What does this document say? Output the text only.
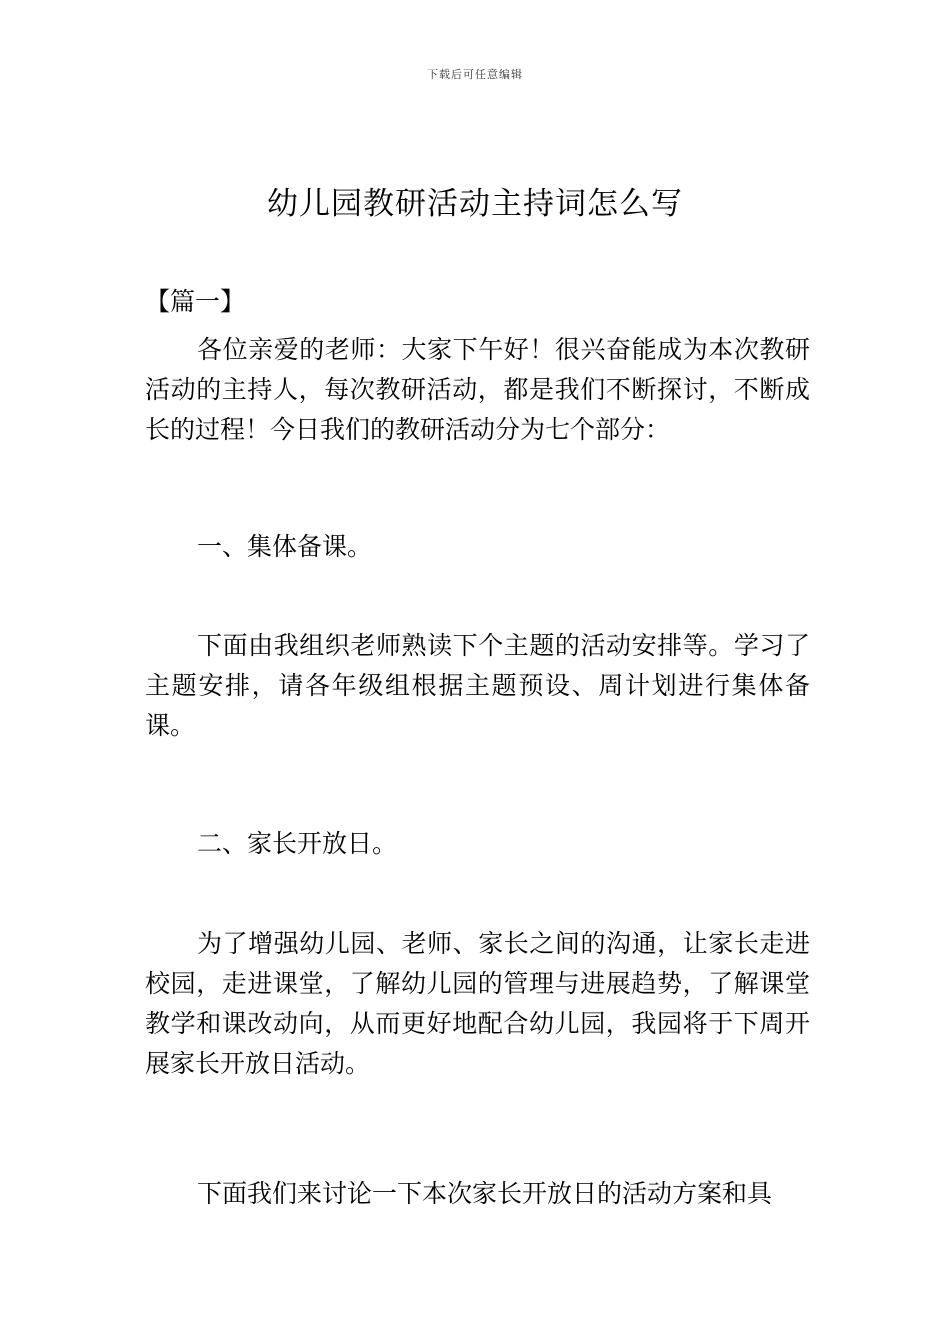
下载后可任意编辑
幼儿园教研活动主持词怎么写

【篇一】

各位亲爱的老师：大家下午好！很兴奋能成为本次教研活动的主持人，每次教研活动，都是我们不断探讨，不断成长的过程！今日我们的教研活动分为七个部分：

一、集体备课。

下面由我组织老师熟读下个主题的活动安排等。学习了主题安排，请各年级组根据主题预设、周计划进行集体备课。

二、家长开放日。

为了增强幼儿园、老师、家长之间的沟通，让家长走进校园，走进课堂，了解幼儿园的管理与进展趋势，了解课堂教学和课改动向，从而更好地配合幼儿园，我园将于下周开展家长开放日活动。

下面我们来讨论一下本次家长开放日的活动方案和具
